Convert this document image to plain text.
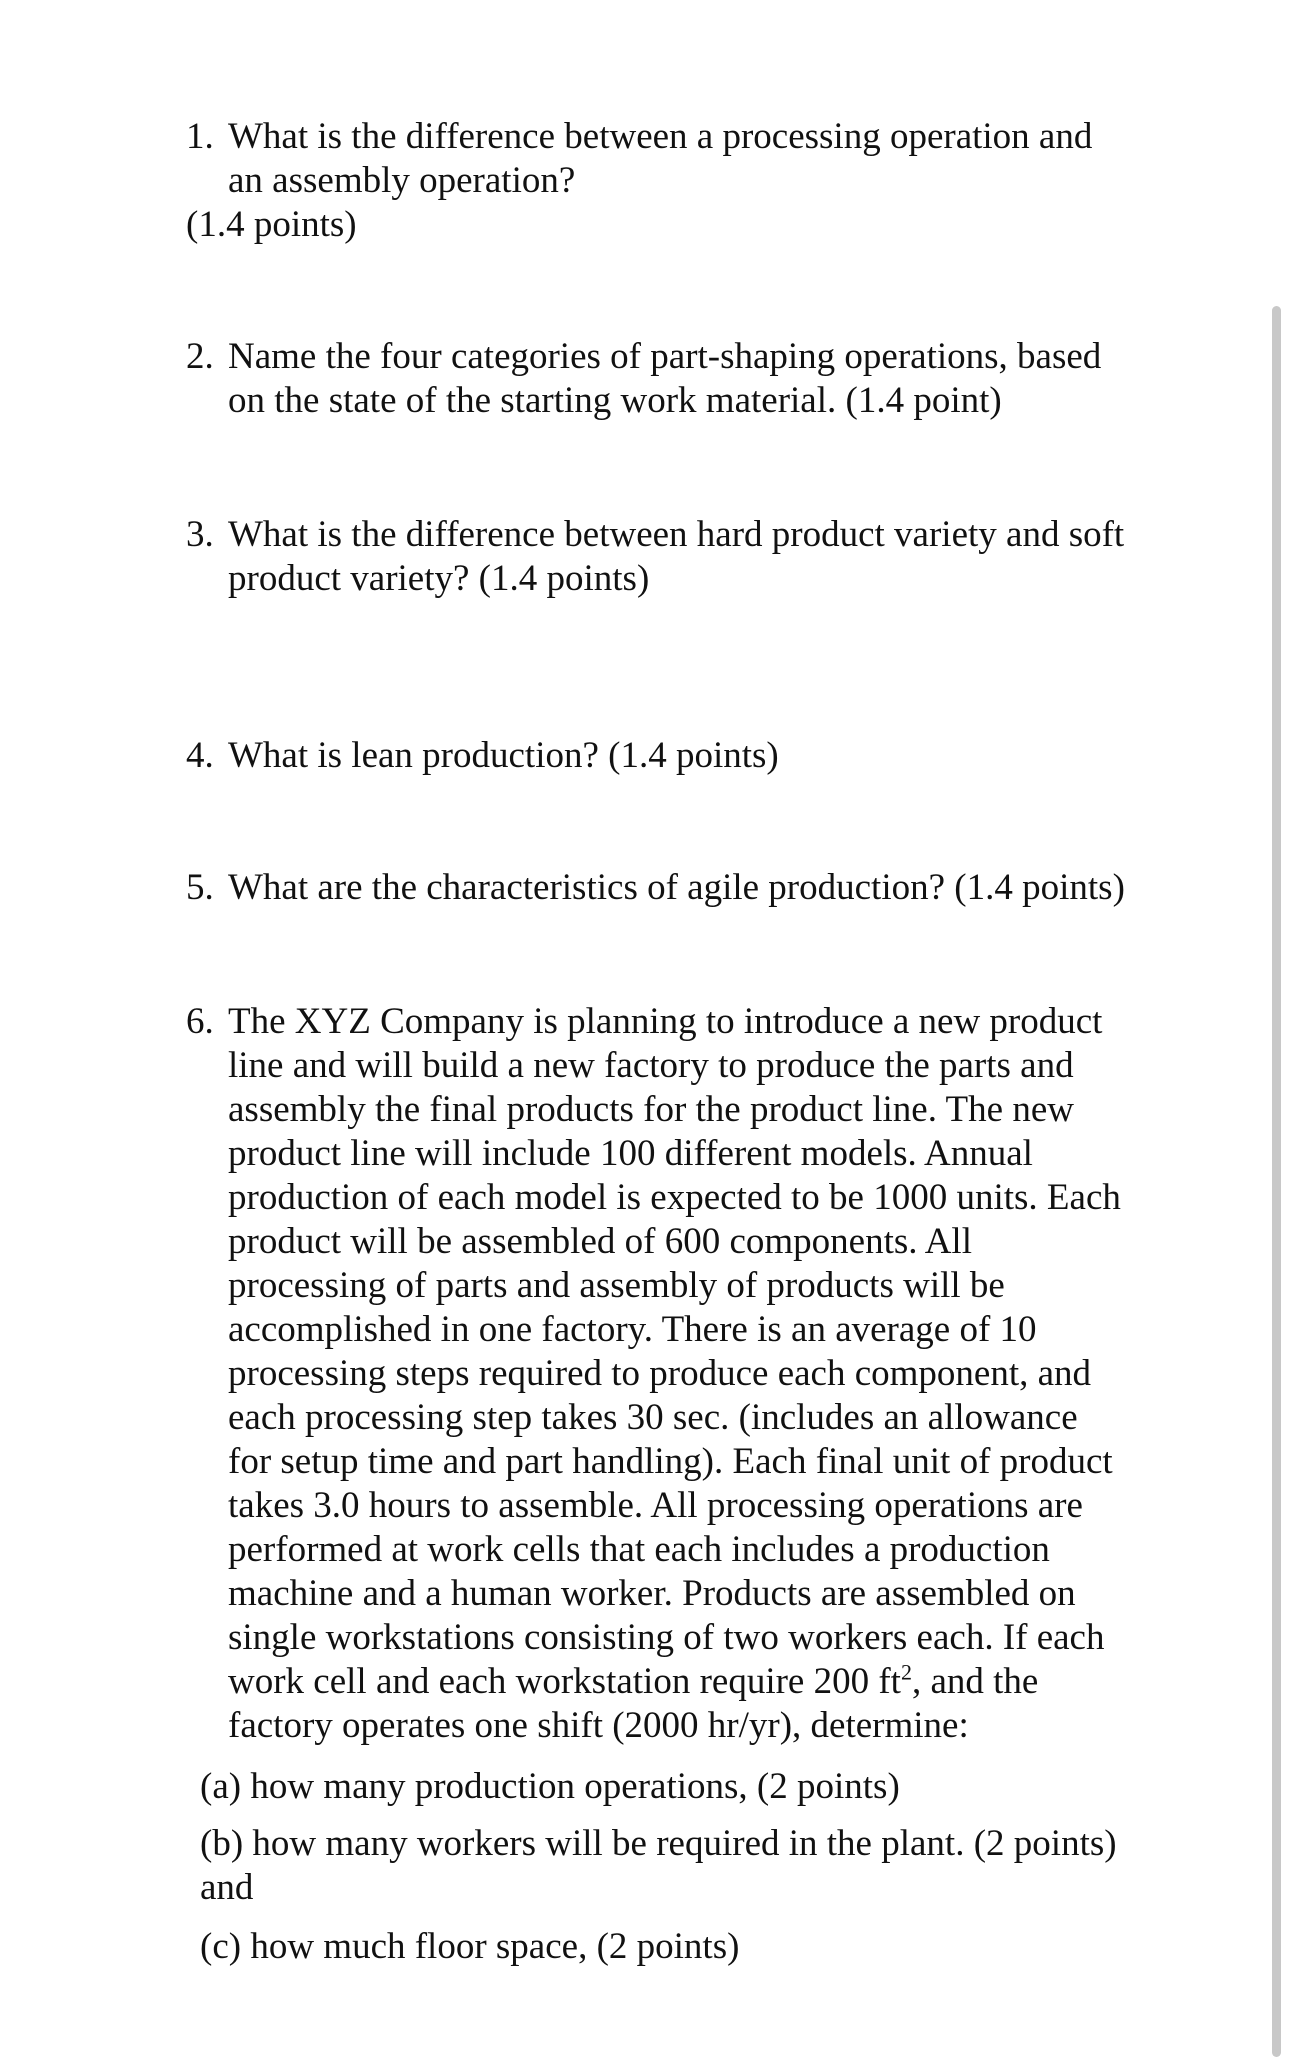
1. What is the difference between a processing operation and

an assembly operation?

(1.4 points)

2. Name the four categories of part-shaping operations, based

on the state of the starting work material. (1.4 point)

3. What is the difference between hard product variety and soft

product variety? (1.4 points)

4. What is lean production? (1.4 points)

5. What are the characteristics of agile production? (1.4 points)

6. The XYZ Company is planning to introduce a new product

line and will build a new factory to produce the parts and

assembly the final products for the product line. The new

product line will include 100 different models. Annual

production of each model is expected to be 1000 units. Each

product will be assembled of 600 components. All

processing of parts and assembly of products will be

accomplished in one factory. There is an average of 10

processing steps required to produce each component, and

each processing step takes 30 sec. (includes an allowance

for setup time and part handling). Each final unit of product

takes 3.0 hours to assemble. All processing operations are

performed at work cells that each includes a production

machine and a human worker. Products are assembled on

single workstations consisting of two workers each. If each

work cell and each workstation require 200 $ft^2$, and the

factory operates one shift (2000 hr/yr), determine:

(a) how many production operations, (2 points)

(b) how many workers will be required in the plant. (2 points)

and

(c) how much floor space, (2 points)
